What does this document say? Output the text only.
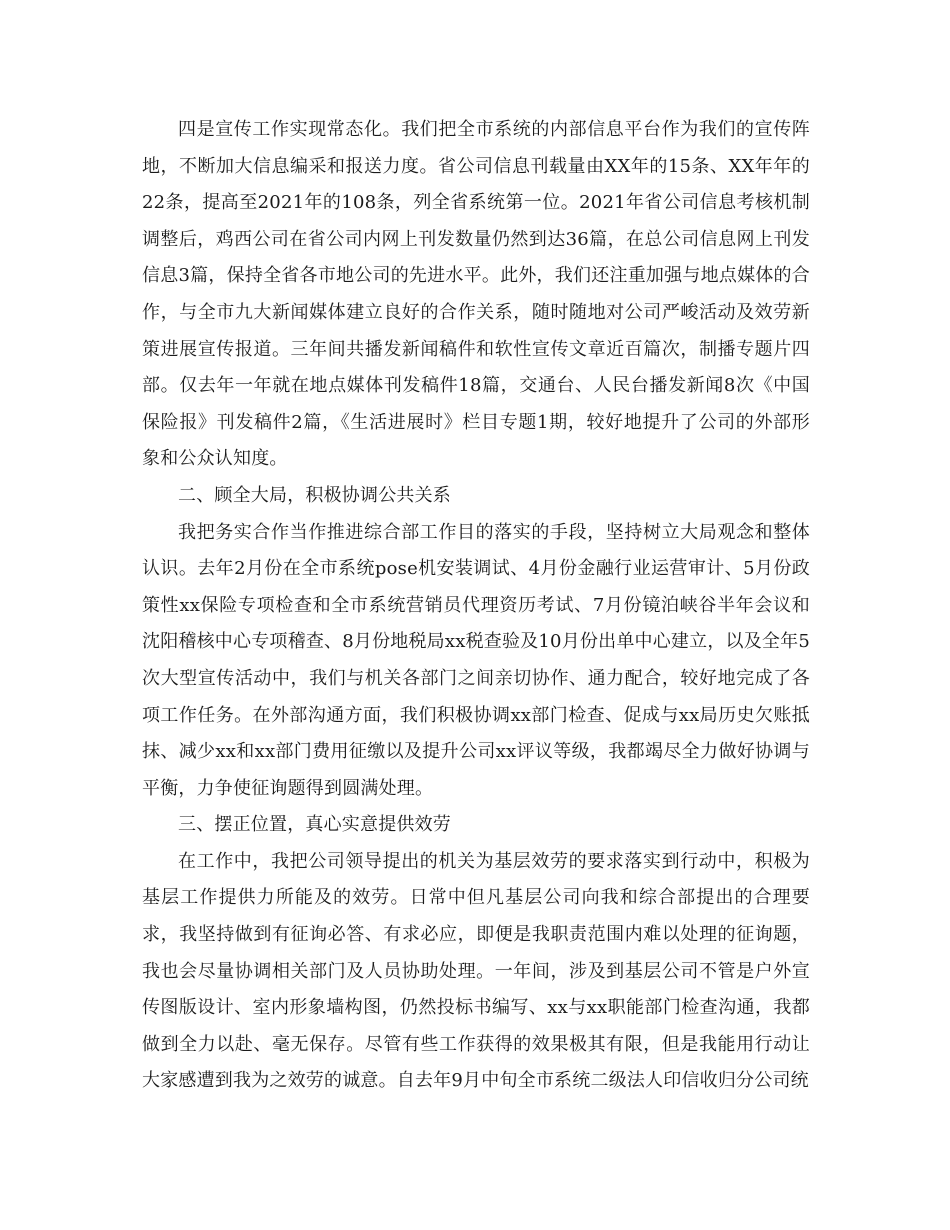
四是宣传工作实现常态化。我们把全市系统的内部信息平台作为我们的宣传阵地，不断加大信息编采和报送力度。省公司信息刊载量由XX年的15条、XX年年的22条，提高至2021年的108条，列全省系统第一位。2021年省公司信息考核机制调整后，鸡西公司在省公司内网上刊发数量仍然到达36篇，在总公司信息网上刊发信息3篇，保持全省各市地公司的先进水平。此外，我们还注重加强与地点媒体的合作，与全市九大新闻媒体建立良好的合作关系，随时随地对公司严峻活动及效劳新策进展宣传报道。三年间共播发新闻稿件和软性宣传文章近百篇次，制播专题片四部。仅去年一年就在地点媒体刊发稿件18篇，交通台、人民台播发新闻8次《中国保险报》刊发稿件2篇，《生活进展时》栏目专题1期，较好地提升了公司的外部形象和公众认知度。

二、顾全大局，积极协调公共关系

我把务实合作当作推进综合部工作目的落实的手段，坚持树立大局观念和整体认识。去年2月份在全市系统pose机安装调试、4月份金融行业运营审计、5月份政策性xx保险专项检查和全市系统营销员代理资历考试、7月份镜泊峡谷半年会议和沈阳稽核中心专项稽查、8月份地税局xx税查验及10月份出单中心建立，以及全年5次大型宣传活动中，我们与机关各部门之间亲切协作、通力配合，较好地完成了各项工作任务。在外部沟通方面，我们积极协调xx部门检查、促成与xx局历史欠账抵抹、减少xx和xx部门费用征缴以及提升公司xx评议等级，我都竭尽全力做好协调与平衡，力争使征询题得到圆满处理。

三、摆正位置，真心实意提供效劳

在工作中，我把公司领导提出的机关为基层效劳的要求落实到行动中，积极为基层工作提供力所能及的效劳。日常中但凡基层公司向我和综合部提出的合理要求，我坚持做到有征询必答、有求必应，即便是我职责范围内难以处理的征询题，我也会尽量协调相关部门及人员协助处理。一年间，涉及到基层公司不管是户外宣传图版设计、室内形象墙构图，仍然投标书编写、xx与xx职能部门检查沟通，我都做到全力以赴、毫无保存。尽管有些工作获得的效果极其有限，但是我能用行动让大家感遭到我为之效劳的诚意。自去年9月中旬全市系统二级法人印信收归分公司统
